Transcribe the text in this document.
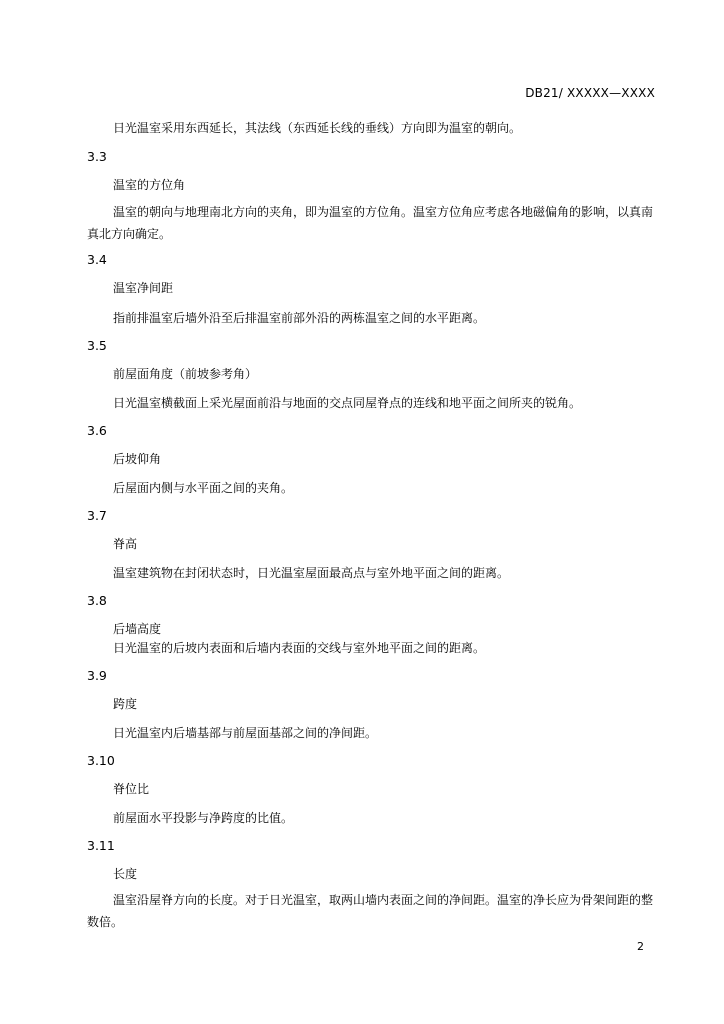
DB21/ XXXXX—XXXX
日光温室采用东西延长，其法线（东西延长线的垂线）方向即为温室的朝向。
3.3
温室的方位角
温室的朝向与地理南北方向的夹角，即为温室的方位角。温室方位角应考虑各地磁偏角的影响，以真南真北方向确定。
3.4
温室净间距
指前排温室后墙外沿至后排温室前部外沿的两栋温室之间的水平距离。
3.5
前屋面角度（前坡参考角）
日光温室横截面上采光屋面前沿与地面的交点同屋脊点的连线和地平面之间所夹的锐角。
3.6
后坡仰角
后屋面内侧与水平面之间的夹角。
3.7
脊高
温室建筑物在封闭状态时，日光温室屋面最高点与室外地平面之间的距离。
3.8
后墙高度
日光温室的后坡内表面和后墙内表面的交线与室外地平面之间的距离。
3.9
跨度
日光温室内后墙基部与前屋面基部之间的净间距。
3.10
脊位比
前屋面水平投影与净跨度的比值。
3.11
长度
温室沿屋脊方向的长度。对于日光温室，取两山墙内表面之间的净间距。温室的净长应为骨架间距的整数倍。
2
